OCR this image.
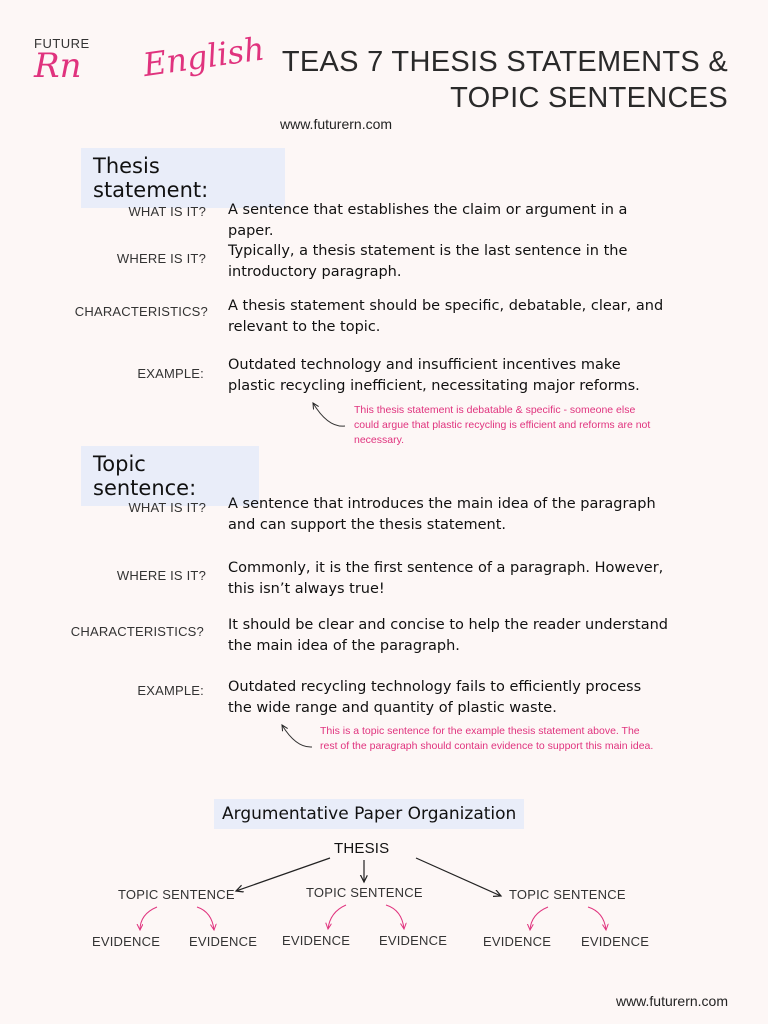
FUTURE
Rn English TEAS 7 THESIS STATEMENTS &
TOPIC SENTENCES
www.futurern.com
Thesis statement:
WHAT IS IT? A sentence that establishes the claim or argument in a paper.
WHERE IS IT? Typically, a thesis statement is the last sentence in the introductory paragraph.
CHARACTERISTICS? A thesis statement should be specific, debatable, clear, and relevant to the topic.
EXAMPLE:
Outdated technology and insufficient incentives make plastic recycling inefficient, necessitating major reforms.
This thesis statement is debatable & specific - someone else could argue that plastic recycling is efficient and reforms are not necessary.
Topic sentence:
WHAT IS IT? A sentence that introduces the main idea of the paragraph and can support the thesis statement.
WHERE IS IT? Commonly, it is the first sentence of a paragraph. However, this isn’t always true!
CHARACTERISTICS? It should be clear and concise to help the reader understand the main idea of the paragraph.
EXAMPLE: Outdated recycling technology fails to efficiently process the wide range and quantity of plastic waste.
This is a topic sentence for the example thesis statement above. The rest of the paragraph should contain evidence to support this main idea.
Argumentative Paper Organization
THESIS
TOPIC SENTENCE	TOPIC SENTENCE	TOPIC SENTENCE
EVIDENCE EVIDENCE EVIDENCE EVIDENCE	EVIDENCE EVIDENCE
www.futurern.com
